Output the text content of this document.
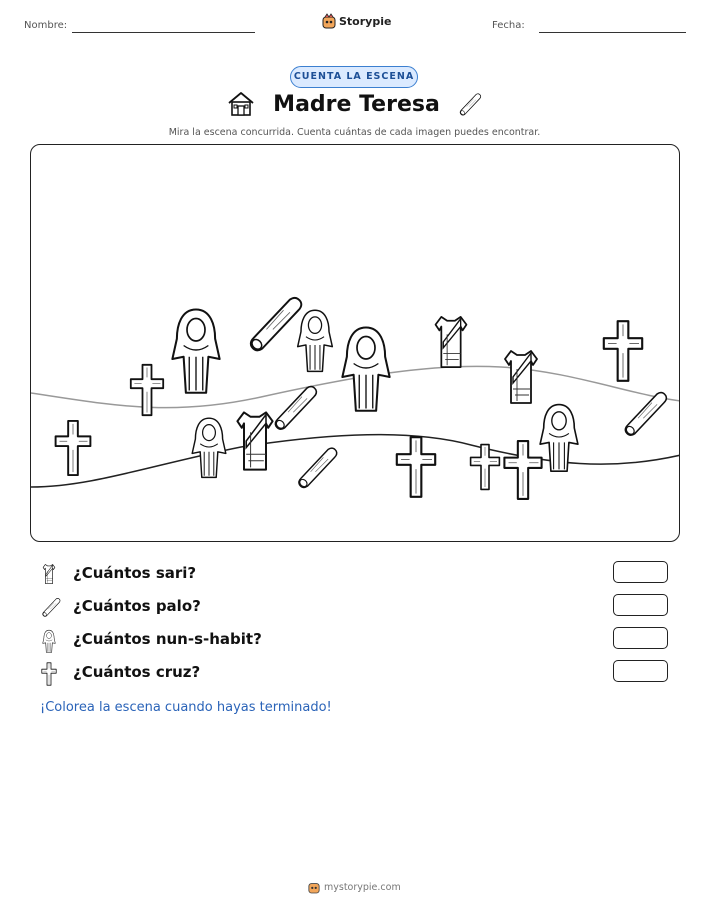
Nombre:	Storypie	Fecha:
CUENTA LA ESCENA
Madre Teresa
Mira la escena concurrida. Cuenta cuántas de cada imagen puedes encontrar.
¿Cuántos sari?
¿Cuántos palo?
¿Cuántos nun-s-habit?
¿Cuántos cruz?
¡Colorea la escena cuando hayas terminado!
mystorypie.com
